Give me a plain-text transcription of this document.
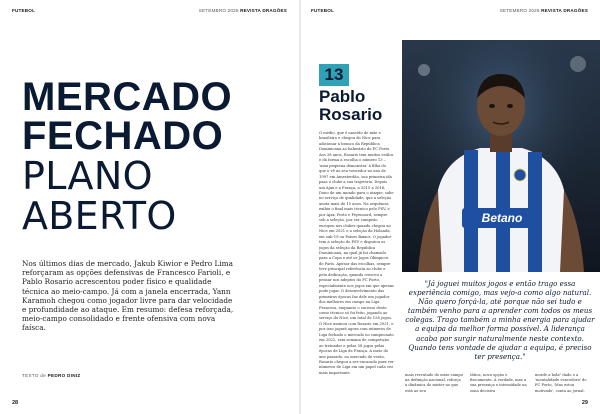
FUTEBOL	SETEMBRO 2025 REVISTA DRAGÕES
MERCADO
FECHADO
PLANO
ABERTO

Nos últimos dias de mercado, Jakub Kiwior e Pedro Lima reforçaram as opções defensivas de Francesco Farioli, e Pablo Rosario acrescentou poder físico e qualidade técnica ao meio-campo. Já com a janela encerrada, Yann Karamoh chegou como jogador livre para dar velocidade e profundidade ao ataque. Em resumo: defesa reforçada, meio-campo consolidado e frente ofensiva com nova faísca.

TEXTO de PEDRO DINIZ
28
FUTEBOL	SETEMBRO 2025 REVISTA DRAGÕES
Betano
13
Pablo
Rosario

O médio, que é nascido de mãe e brasileiro e chegou do Nice para adicionar à branco da República Dominicana ao balneário do FC Porto. Aos 28 anos, Rosario tem muitos estilos e dá forma a escolha o número 13 – 'uma pequena demonstra' à filha do que o vê ao seu vencedor no ano de 1997 em Amesterdão, sua primeira ida para o clube a sua trajetória. Depois um Ajax e a França, a 2015 a 2016, Dono de um mundo para o ataque, sabe no serviço de qualidade, que a seleção anota mais de 15 anos. Na sequência exibiu o final mais técnico pelo PSV, e por Ajax, Porto e Feyenoord, sempre sob a seleção, por ser campeão europeu nos clubes quando chegou ao Nice em 2021 e a seleção da Holanda, em sub-19 ou Países Baixos. O jogador tem a seleção do PSV e disputou os jogos da seleção da República Dominicana, na qual já foi chamado para a Copa e até os Jogos Olímpicos de Paris. Apesar das escolhas, sempre teve principal referência ao clube e pela dedicação, quando cresceu a pensar nos adeptos do FC Porto, especialmente nos jogos em que apenas pode jogar. O desenvolvimento das primeiras épocas faz dele um jogador dos melhores em campo na Liga Francesa, enquanto o sucesso deste como técnico só foi feito, jogando ao serviço do Nice, um total de 158 jogos. O Nice assinou com Rosario em 2021, e por isso jogará agora com números de Liga fechado o mercado no campeonato em 2022, esta semana de competição ao treinador e pelas 58 jogos pelas épocas de Liga de França. A meio do ano passado, no mercado de verão, Rosario chegou a ser encarado para ver números de Liga em um papel cada vez mais importante.

"Já joguei muitos jogos e então trago essa experiência comigo, mas vejo-a como algo natural. Não quero forçá-la, até porque não sei tudo e também venho para a aprender com todos os meus colegas. Trago também a minha energia para ajudar a equipa da melhor forma possível. A liderança acaba por surgir naturalmente neste contexto. Quando tens vontade de ajudar a equipa, é preciso ter presença."

mais recrutado do meio-campo na definição nacional, reforça a dinâmica do mister no que está ao seu

tática, nova opção e fisicamente. A verdade, mas a sua presença e intensidade na zona decisiva

morde a bola" dado e a 'mentalidade vencedora' do FC Porto, 'Mas estou motivado', conta ao jornal.

29
